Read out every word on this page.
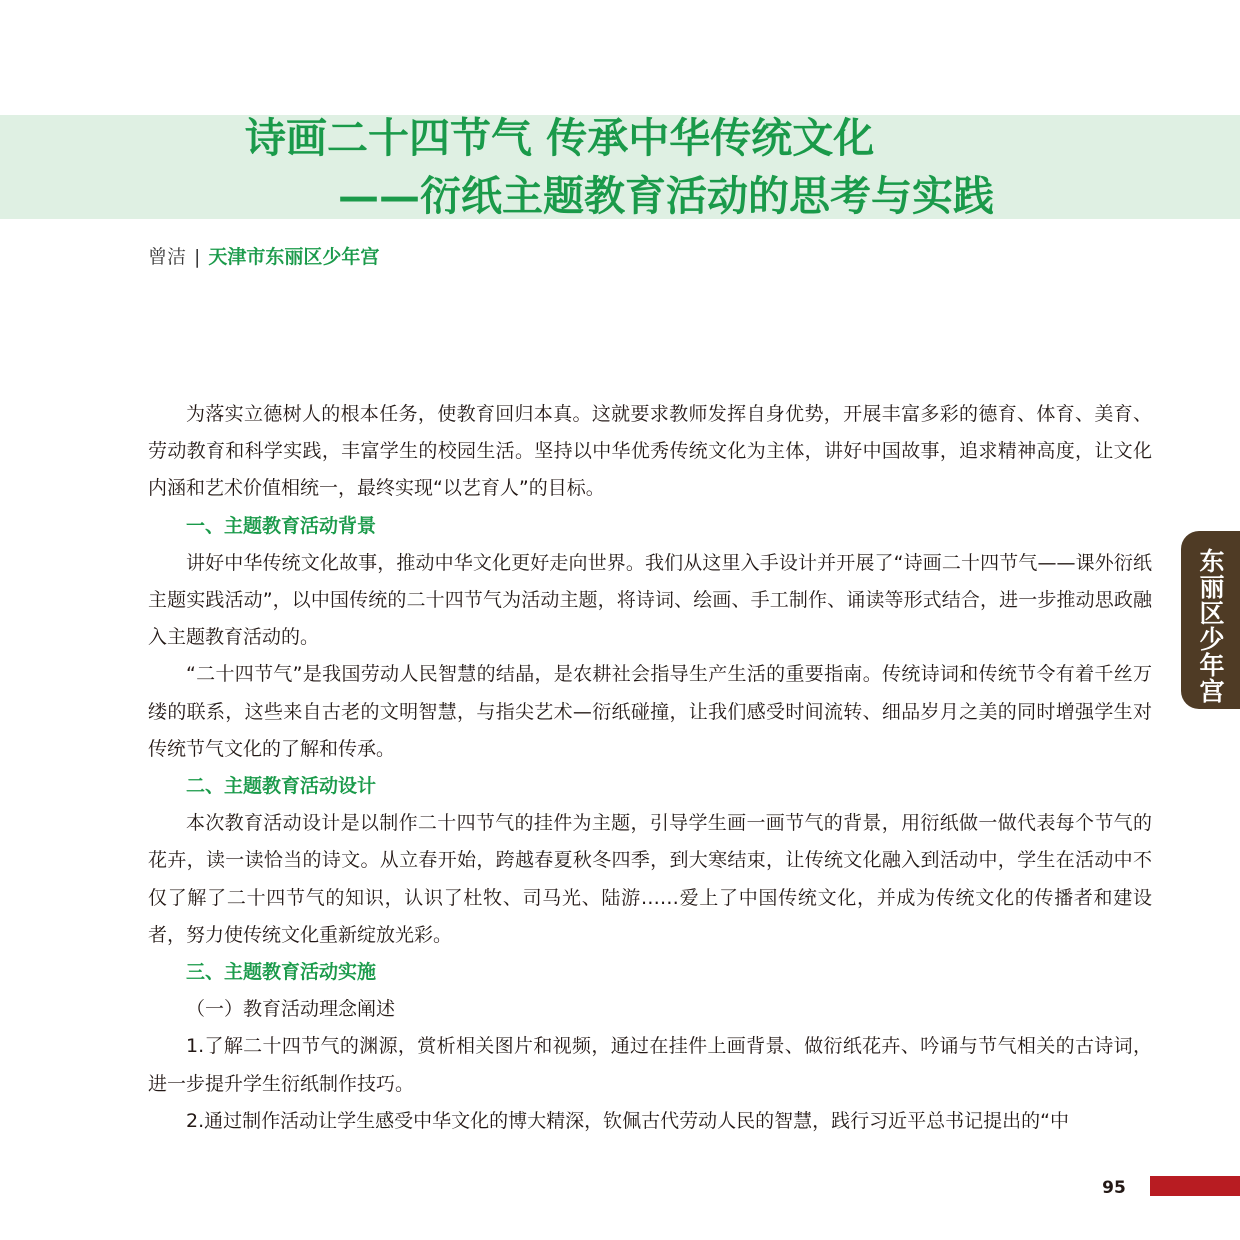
诗画二十四节气 传承中华传统文化
——衍纸主题教育活动的思考与实践
曾洁 | 天津市东丽区少年宫

为落实立德树人的根本任务，使教育回归本真。这就要求教师发挥自身优势，开展丰富多彩的德育、体育、美育、劳动教育和科学实践，丰富学生的校园生活。坚持以中华优秀传统文化为主体，讲好中国故事，追求精神高度，让文化内涵和艺术价值相统一，最终实现“以艺育人”的目标。

一、主题教育活动背景

讲好中华传统文化故事，推动中华文化更好走向世界。我们从这里入手设计并开展了“诗画二十四节气——课外衍纸主题实践活动”，以中国传统的二十四节气为活动主题，将诗词、绘画、手工制作、诵读等形式结合，进一步推动思政融入主题教育活动的。

“二十四节气”是我国劳动人民智慧的结晶，是农耕社会指导生产生活的重要指南。传统诗词和传统节令有着千丝万缕的联系，这些来自古老的文明智慧，与指尖艺术—衍纸碰撞，让我们感受时间流转、细品岁月之美的同时增强学生对传统节气文化的了解和传承。

二、主题教育活动设计

本次教育活动设计是以制作二十四节气的挂件为主题，引导学生画一画节气的背景，用衍纸做一做代表每个节气的花卉，读一读恰当的诗文。从立春开始，跨越春夏秋冬四季，到大寒结束，让传统文化融入到活动中，学生在活动中不仅了解了二十四节气的知识，认识了杜牧、司马光、陆游……爱上了中国传统文化，并成为传统文化的传播者和建设者，努力使传统文化重新绽放光彩。

三、主题教育活动实施

（一）教育活动理念阐述

1.了解二十四节气的渊源，赏析相关图片和视频，通过在挂件上画背景、做衍纸花卉、吟诵与节气相关的古诗词，进一步提升学生衍纸制作技巧。

2.通过制作活动让学生感受中华文化的博大精深，钦佩古代劳动人民的智慧，践行习近平总书记提出的“中

东丽区少年宫
95
